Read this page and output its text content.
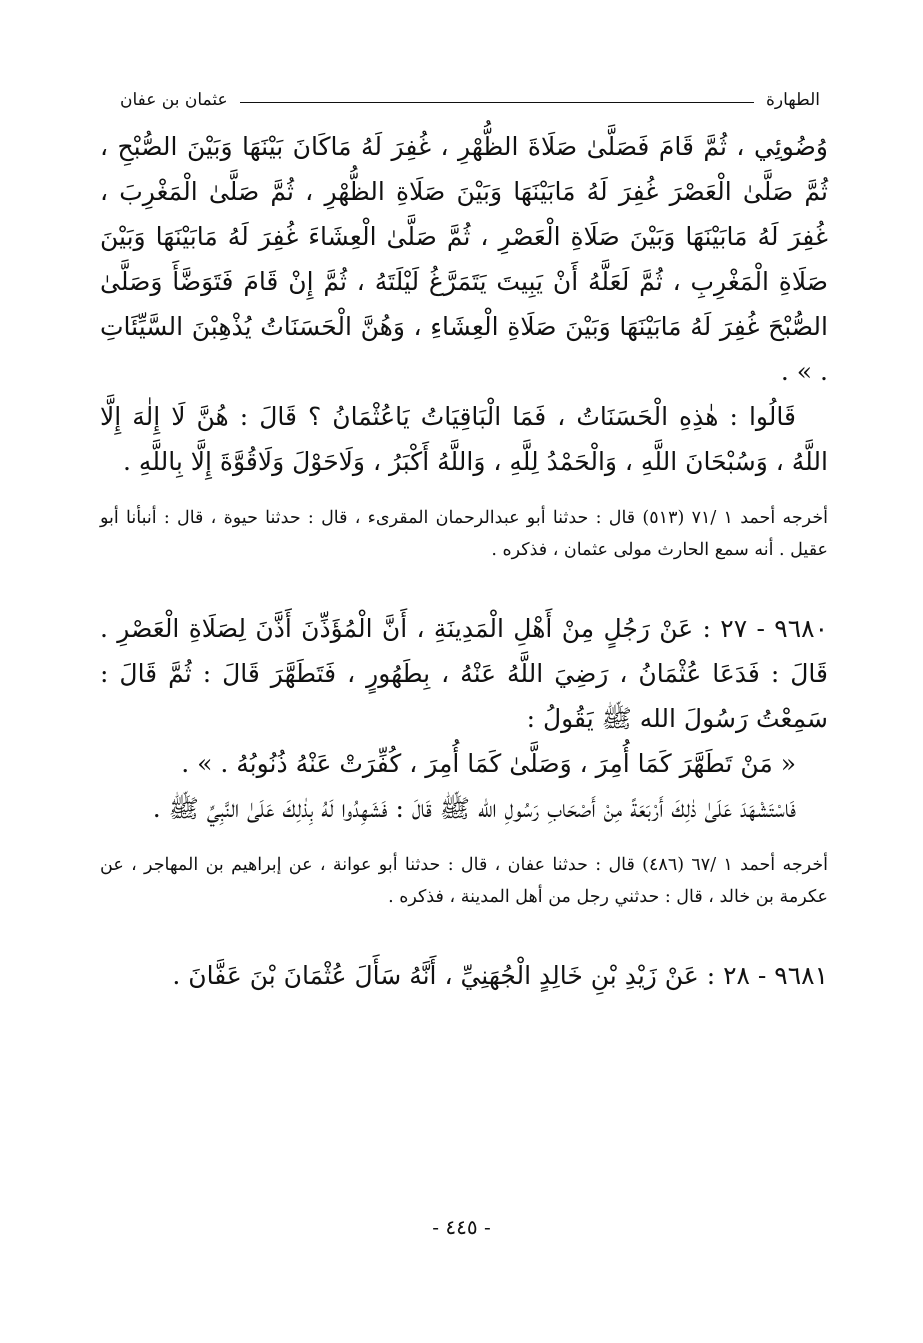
الطهارة
عثمان بن عفان

وُضُوئِي ، ثُمَّ قَامَ فَصَلَّىٰ صَلَاةَ الظُّهْرِ ، غُفِرَ لَهُ مَاكَانَ بَيْنَهَا وَبَيْنَ الصُّبْحِ ، ثُمَّ صَلَّىٰ الْعَصْرَ غُفِرَ لَهُ مَابَيْنَهَا وَبَيْنَ صَلَاةِ الظُّهْرِ ، ثُمَّ صَلَّىٰ الْمَغْرِبَ ، غُفِرَ لَهُ مَابَيْنَهَا وَبَيْنَ صَلَاةِ الْعَصْرِ ، ثُمَّ صَلَّىٰ الْعِشَاءَ غُفِرَ لَهُ مَابَيْنَهَا وَبَيْنَ صَلَاةِ الْمَغْرِبِ ، ثُمَّ لَعَلَّهُ أَنْ يَبِيتَ يَتَمَرَّغُ لَيْلَتَهُ ، ثُمَّ إِنْ قَامَ فَتَوَضَّأَ وَصَلَّىٰ الصُّبْحَ غُفِرَ لَهُ مَابَيْنَهَا وَبَيْنَ صَلَاةِ الْعِشَاءِ ، وَهُنَّ الْحَسَنَاتُ يُذْهِبْنَ السَّيِّئَاتِ . » .

قَالُوا : هٰذِهِ الْحَسَنَاتُ ، فَمَا الْبَاقِيَاتُ يَاعُثْمَانُ ؟ قَالَ : هُنَّ لَا إِلٰهَ إِلَّا اللَّهُ ، وَسُبْحَانَ اللَّهِ ، وَالْحَمْدُ لِلَّهِ ، وَاللَّهُ أَكْبَرُ ، وَلَاحَوْلَ وَلَاقُوَّةَ إِلَّا بِاللَّهِ .

أخرجه أحمد ١ /٧١ (٥١٣) قال : حدثنا أبو عبدالرحمان المقرىء ، قال : حدثنا حيوة ، قال : أنبأنا أبو عقيل . أنه سمع الحارث مولى عثمان ، فذكره .

٩٦٨٠ - ٢٧ : عَنْ رَجُلٍ مِنْ أَهْلِ الْمَدِينَةِ ، أَنَّ الْمُؤَذِّنَ أَذَّنَ لِصَلَاةِ الْعَصْرِ . قَالَ : فَدَعَا عُثْمَانُ ، رَضِيَ اللَّهُ عَنْهُ ، بِطَهُورٍ ، فَتَطَهَّرَ قَالَ : ثُمَّ قَالَ : سَمِعْتُ رَسُولَ الله ﷺ يَقُولُ :

« مَنْ تَطَهَّرَ كَمَا أُمِرَ ، وَصَلَّىٰ كَمَا أُمِرَ ، كُفِّرَتْ عَنْهُ ذُنُوبُهُ . » .

فَاسْتَشْهَدَ عَلَىٰ ذٰلِكَ أَرْبَعَةً مِنْ أَصْحَابِ رَسُولِ الله ﷺ قَالَ : فَشَهِدُوا لَهُ بِذٰلِكَ عَلَىٰ النَّبِيِّ ﷺ .

أخرجه أحمد ١ /٦٧ (٤٨٦) قال : حدثنا عفان ، قال : حدثنا أبو عوانة ، عن إبراهيم بن المهاجر ، عن عكرمة بن خالد ، قال : حدثني رجل من أهل المدينة ، فذكره .

٩٦٨١ - ٢٨ : عَنْ زَيْدِ بْنِ خَالِدٍ الْجُهَنِيِّ ، أَنَّهُ سَأَلَ عُثْمَانَ بْنَ عَفَّانَ .

- ٤٤٥ -
